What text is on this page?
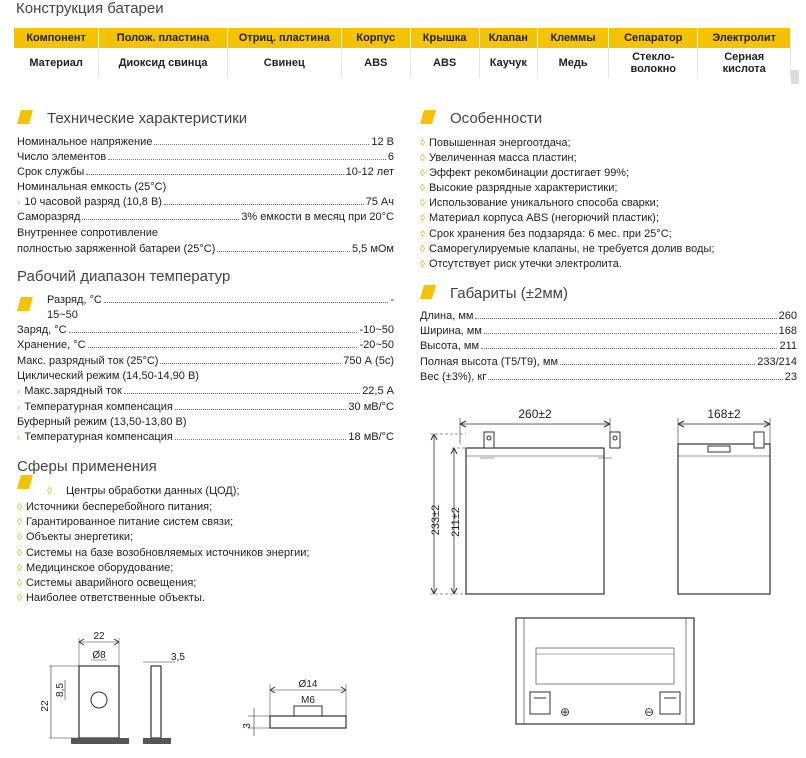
Конструкция батареи
Компонент	Полож. пластина	Отриц. пластина	Корпус	Крышка	Клапан	Клеммы	Сепаратор	Электролит
Материал	Диоксид свинца	Свинец	ABS	ABS	Каучук	Медь	Стекло-
волокно	Серная
кислота
Технические характеристики
Номинальное напряжение	12 В
Число элементов	6
Срок службы	10-12 лет
Номинальная емкость (25°С)
› 10 часовой разряд (10,8 В)	75 Ач
Саморазряд	3% емкости в месяц при 20°С
Внутреннее сопротивление
полностью заряженной батареи (25°С)	5,5 мОм
Рабочий диапазон температур
Разряд, °С	-
15~50
Заряд, °С	-10~50
Хранение, °С	-20~50
Макс. разрядный ток (25°С)	750 А (5с)
Циклический режим (14,50-14,90 В)
› Макс.зарядный ток	22,5 А
› Температурная компенсация	30 мВ/°С
Буферный режим (13,50-13,80 В)
› Температурная компенсация	18 мВ/°С
Сферы применения
◊ Центры обработки данных (ЦОД);
◊ Источники бесперебойного питания;
◊ Гарантированное питание систем связи;
◊ Объекты энергетики;
◊ Системы на базе возобновляемых источников энергии;
◊ Медицинское оборудование;
◊ Системы аварийного освещения;
◊ Наиболее ответственные объекты.
Особенности
◊ Повышенная энергоотдача;
◊ Увеличенная масса пластин;
◊ Эффект рекомбинации достигает 99%;
◊ Высокие разрядные характеристики;
◊ Использование уникального способа сварки;
◊ Материал корпуса ABS (негорючий пластик);
◊ Срок хранения без подзаряда: 6 мес. при 25°С;
◊ Саморегулируемые клапаны, не требуется долив воды;
◊ Отсутствует риск утечки электролита.
Габариты (±2мм)
Длина, мм	260
Ширина, мм	168
Высота, мм	211
Полная высота (Т5/Т9), мм	233/214
Вес (±3%), кг	23
260±2	168±2
233±2 211±2
⊕	⊖
22
Ø8	3,5
22
8,5	Ø14
M6
3
